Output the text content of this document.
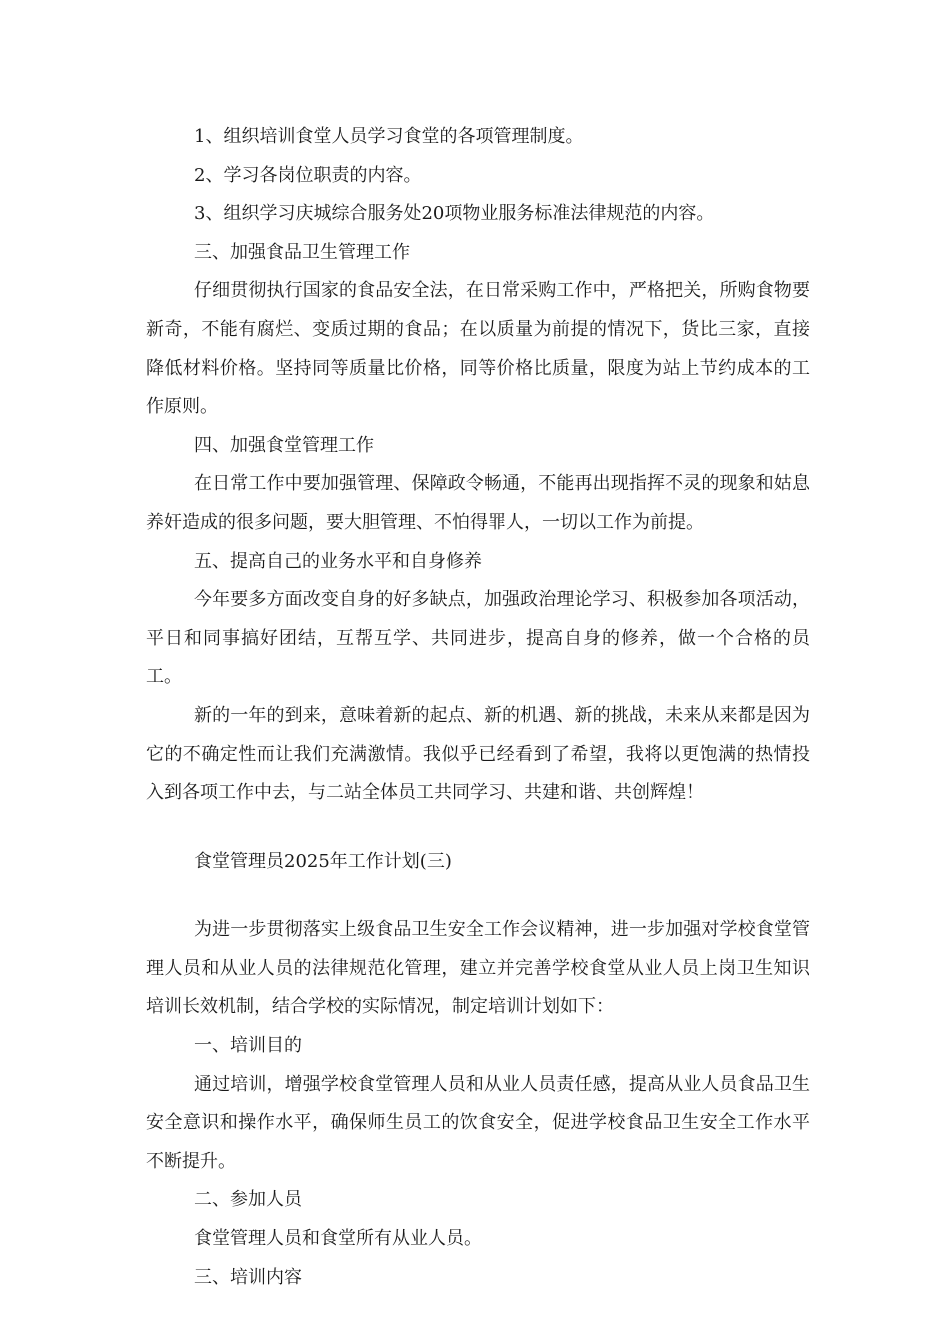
1、组织培训食堂人员学习食堂的各项管理制度。

2、学习各岗位职责的内容。

3、组织学习庆城综合服务处20项物业服务标准法律规范的内容。

三、加强食品卫生管理工作

仔细贯彻执行国家的食品安全法，在日常采购工作中，严格把关，所购食物要新奇，不能有腐烂、变质过期的食品；在以质量为前提的情况下，货比三家，直接降低材料价格。坚持同等质量比价格，同等价格比质量，限度为站上节约成本的工作原则。

四、加强食堂管理工作

在日常工作中要加强管理、保障政令畅通，不能再出现指挥不灵的现象和姑息养奸造成的很多问题，要大胆管理、不怕得罪人，一切以工作为前提。

五、提高自己的业务水平和自身修养

今年要多方面改变自身的好多缺点，加强政治理论学习、积极参加各项活动，平日和同事搞好团结，互帮互学、共同进步，提高自身的修养，做一个合格的员工。

新的一年的到来，意味着新的起点、新的机遇、新的挑战，未来从来都是因为它的不确定性而让我们充满激情。我似乎已经看到了希望，我将以更饱满的热情投入到各项工作中去，与二站全体员工共同学习、共建和谐、共创辉煌！

食堂管理员2025年工作计划(三)

为进一步贯彻落实上级食品卫生安全工作会议精神，进一步加强对学校食堂管理人员和从业人员的法律规范化管理，建立并完善学校食堂从业人员上岗卫生知识培训长效机制，结合学校的实际情况，制定培训计划如下：

一、培训目的

通过培训，增强学校食堂管理人员和从业人员责任感，提高从业人员食品卫生安全意识和操作水平，确保师生员工的饮食安全，促进学校食品卫生安全工作水平不断提升。

二、参加人员

食堂管理人员和食堂所有从业人员。

三、培训内容
